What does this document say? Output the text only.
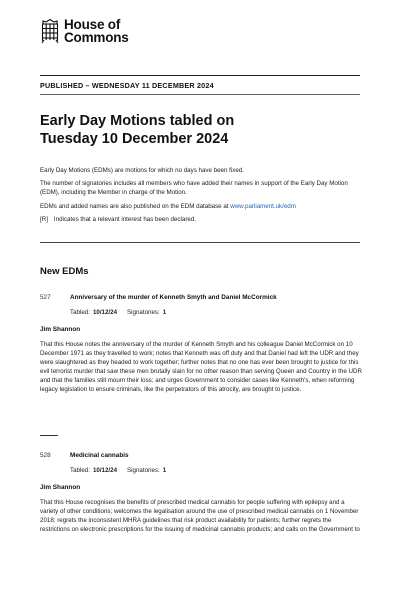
House of
Commons
PUBLISHED – WEDNESDAY 11 DECEMBER 2024
Early Day Motions tabled on
Tuesday 10 December 2024

Early Day Motions (EDMs) are motions for which no days have been fixed.

The number of signatories includes all members who have added their names in support of the Early Day Motion (EDM), including the Member in charge of the Motion.

EDMs and added names are also published on the EDM database at www.parliament.uk/edm

[R] Indicates that a relevant interest has been declared.
New EDMs
527	Anniversary of the murder of Kenneth Smyth and Daniel McCormick
Tabled: 10/12/24 Signatories: 1
Jim Shannon
That this House notes the anniversary of the murder of Kenneth Smyth and his colleague Daniel McCormick on 10 December 1971 as they travelled to work; notes that Kenneth was off duty and that Daniel had left the UDR and they were slaughtered as they headed to work together; further notes that no one has ever been brought to justice for this evil terrorist murder that saw these men brutally slain for no other reason than serving Queen and Country in the UDR and that the families still mourn their loss; and urges Government to consider cases like Kenneth's, when reforming legacy legislation to ensure criminals, like the perpetrators of this atrocity, are brought to justice.
528	Medicinal cannabis
Tabled: 10/12/24 Signatories: 1
Jim Shannon
That this House recognises the benefits of prescribed medical cannabis for people suffering with epilepsy and a variety of other conditions; welcomes the legalisation around the use of prescribed medical cannabis on 1 November 2018; regrets the inconsistent MHRA guidelines that risk product availability for patients; further regrets the restrictions on electronic prescriptions for the issuing of medicinal cannabis products; and calls on the Government to
